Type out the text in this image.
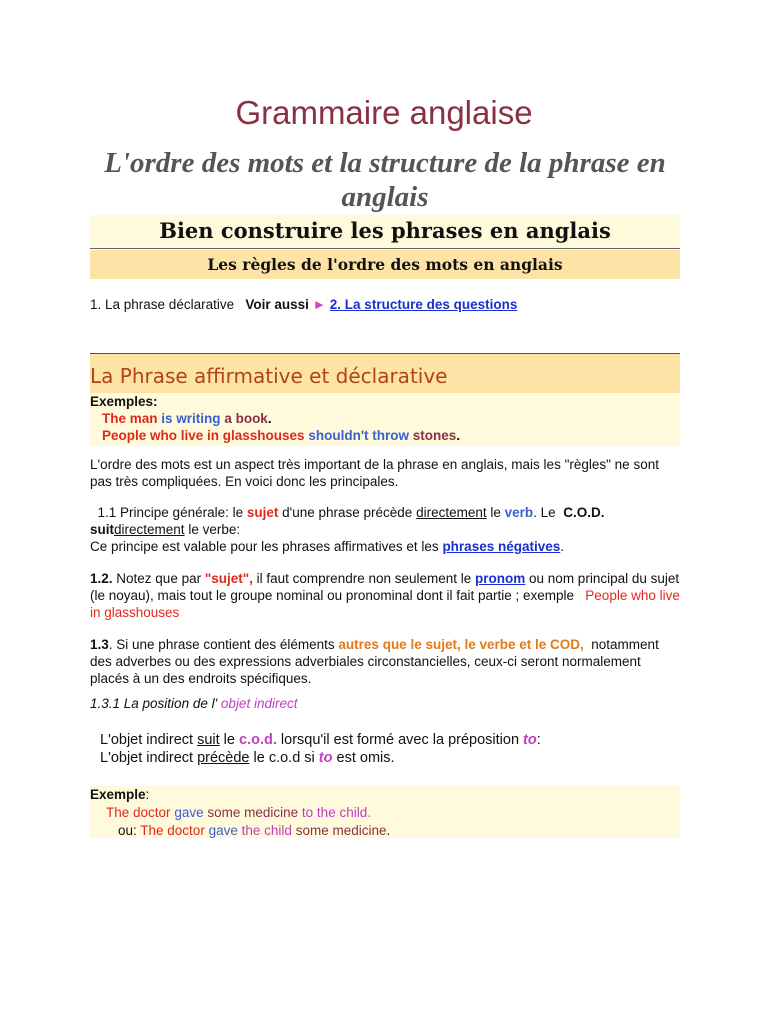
Grammaire anglaise
L'ordre des mots et la structure de la phrase en anglais
Bien construire les phrases en anglais
Les règles de l'ordre des mots en anglais
1. La phrase déclarative Voir aussi ► 2. La structure des questions
La Phrase affirmative et déclarative
Exemples:
The man is writing a book.
People who live in glasshouses shouldn't throw stones.
L'ordre des mots est un aspect très important de la phrase en anglais, mais les "règles" ne sont pas très compliquées. En voici donc les principales.
1.1 Principe générale: le sujet d'une phrase précède directement le verb. Le  C.O.D. suitdirectement le verbe:
Ce principe est valable pour les phrases affirmatives et les phrases négatives.
1.2. Notez que par "sujet", il faut comprendre non seulement le pronom ou nom principal du sujet (le noyau), mais tout le groupe nominal ou pronominal dont il fait partie ; exemple   People who live in glasshouses
1.3. Si une phrase contient des éléments autres que le sujet, le verbe et le COD,  notamment des adverbes ou des expressions adverbiales circonstancielles, ceux-ci seront normalement placés à un des endroits spécifiques.
1.3.1 La position de l' objet indirect
L'objet indirect suit le c.o.d. lorsqu'il est formé avec la préposition to:
L'objet indirect précède le c.o.d si to est omis.
Exemple:
The doctor gave some medicine to the child.
ou: The doctor gave the child some medicine.
